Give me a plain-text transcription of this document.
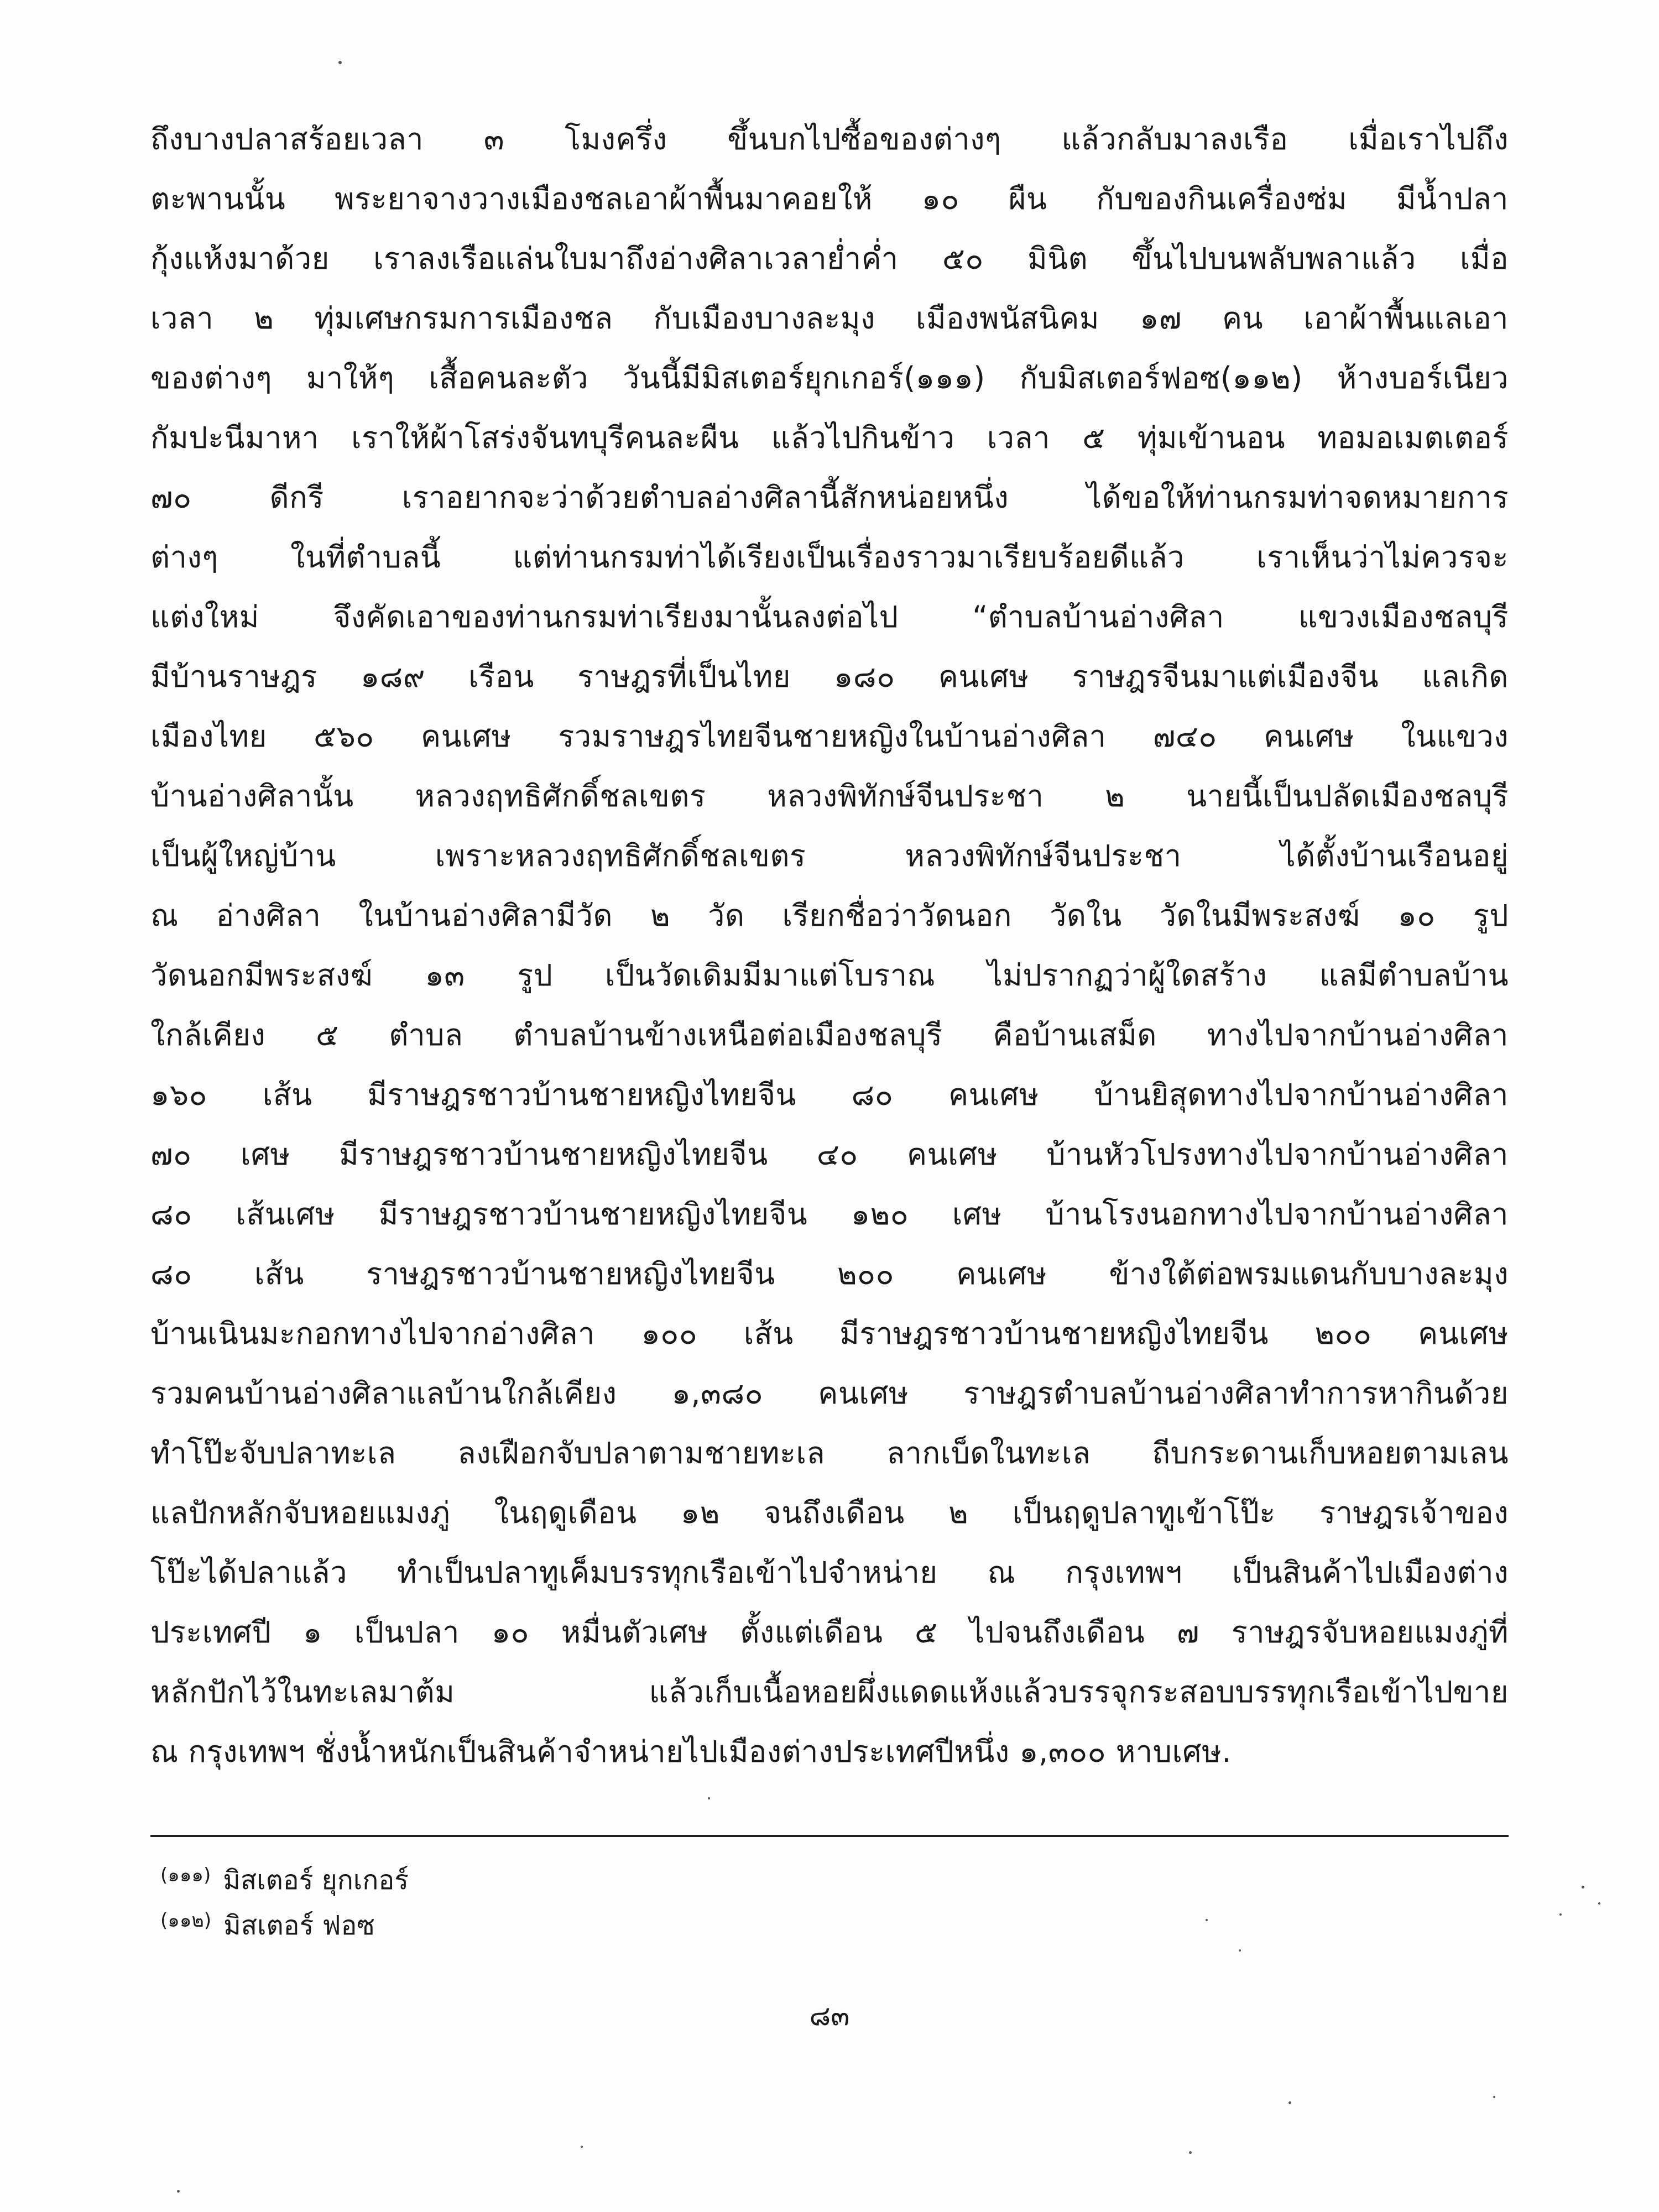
ถึงบางปลาสร้อยเวลา ๓ โมงครึ่ง ขึ้นบกไปซื้อของต่างๆ แล้วกลับมาลงเรือ เมื่อเราไปถึง
ตะพานนั้น พระยาจางวางเมืองชลเอาผ้าพื้นมาคอยให้ ๑๐ ผืน กับของกินเครื่องซ่ม มีน้ำปลา
กุ้งแห้งมาด้วย เราลงเรือแล่นใบมาถึงอ่างศิลาเวลาย่ำค่ำ ๕๐ มินิต ขึ้นไปบนพลับพลาแล้ว เมื่อ
เวลา ๒ ทุ่มเศษกรมการเมืองชล กับเมืองบางละมุง เมืองพนัสนิคม ๑๗ คน เอาผ้าพื้นแลเอา
ของต่างๆ มาให้ๆ เสื้อคนละตัว วันนี้มีมิสเตอร์ยุกเกอร์(๑๑๑) กับมิสเตอร์ฟอซ(๑๑๒) ห้างบอร์เนียว
กัมปะนีมาหา เราให้ผ้าโสร่งจันทบุรีคนละผืน แล้วไปกินข้าว เวลา ๕ ทุ่มเข้านอน ทอมอเมตเตอร์
๗๐ ดีกรี เราอยากจะว่าด้วยตำบลอ่างศิลานี้สักหน่อยหนึ่ง ได้ขอให้ท่านกรมท่าจดหมายการ
ต่างๆ ในที่ตำบลนี้ แต่ท่านกรมท่าได้เรียงเป็นเรื่องราวมาเรียบร้อยดีแล้ว เราเห็นว่าไม่ควรจะ
แต่งใหม่ จึงคัดเอาของท่านกรมท่าเรียงมานั้นลงต่อไป “ตำบลบ้านอ่างศิลา แขวงเมืองชลบุรี
มีบ้านราษฎร ๑๘๙ เรือน ราษฎรที่เป็นไทย ๑๘๐ คนเศษ ราษฎรจีนมาแต่เมืองจีน แลเกิด
เมืองไทย ๕๖๐ คนเศษ รวมราษฎรไทยจีนชายหญิงในบ้านอ่างศิลา ๗๔๐ คนเศษ ในแขวง
บ้านอ่างศิลานั้น หลวงฤทธิศักดิ์ชลเขตร หลวงพิทักษ์จีนประชา ๒ นายนี้เป็นปลัดเมืองชลบุรี
เป็นผู้ใหญ่บ้าน เพราะหลวงฤทธิศักดิ์ชลเขตร หลวงพิทักษ์จีนประชา ได้ตั้งบ้านเรือนอยู่
ณ อ่างศิลา ในบ้านอ่างศิลามีวัด ๒ วัด เรียกชื่อว่าวัดนอก วัดใน วัดในมีพระสงฆ์ ๑๐ รูป
วัดนอกมีพระสงฆ์ ๑๓ รูป เป็นวัดเดิมมีมาแต่โบราณ ไม่ปรากฏว่าผู้ใดสร้าง แลมีตำบลบ้าน
ใกล้เคียง ๕ ตำบล ตำบลบ้านข้างเหนือต่อเมืองชลบุรี คือบ้านเสม็ด ทางไปจากบ้านอ่างศิลา
๑๖๐ เส้น มีราษฎรชาวบ้านชายหญิงไทยจีน ๘๐ คนเศษ บ้านยิสุดทางไปจากบ้านอ่างศิลา
๗๐ เศษ มีราษฎรชาวบ้านชายหญิงไทยจีน ๔๐ คนเศษ บ้านหัวโปรงทางไปจากบ้านอ่างศิลา
๘๐ เส้นเศษ มีราษฎรชาวบ้านชายหญิงไทยจีน ๑๒๐ เศษ บ้านโรงนอกทางไปจากบ้านอ่างศิลา
๘๐ เส้น ราษฎรชาวบ้านชายหญิงไทยจีน ๒๐๐ คนเศษ ข้างใต้ต่อพรมแดนกับบางละมุง
บ้านเนินมะกอกทางไปจากอ่างศิลา ๑๐๐ เส้น มีราษฎรชาวบ้านชายหญิงไทยจีน ๒๐๐ คนเศษ
รวมคนบ้านอ่างศิลาแลบ้านใกล้เคียง ๑,๓๘๐ คนเศษ ราษฎรตำบลบ้านอ่างศิลาทำการหากินด้วย
ทำโป๊ะจับปลาทะเล ลงเฝือกจับปลาตามชายทะเล ลากเบ็ดในทะเล ถีบกระดานเก็บหอยตามเลน
แลปักหลักจับหอยแมงภู่ ในฤดูเดือน ๑๒ จนถึงเดือน ๒ เป็นฤดูปลาทูเข้าโป๊ะ ราษฎรเจ้าของ
โป๊ะได้ปลาแล้ว ทำเป็นปลาทูเค็มบรรทุกเรือเข้าไปจำหน่าย ณ กรุงเทพฯ เป็นสินค้าไปเมืองต่าง
ประเทศปี ๑ เป็นปลา ๑๐ หมื่นตัวเศษ ตั้งแต่เดือน ๕ ไปจนถึงเดือน ๗ ราษฎรจับหอยแมงภู่ที่
หลักปักไว้ในทะเลมาต้ม แล้วเก็บเนื้อหอยผึ่งแดดแห้งแล้วบรรจุกระสอบบรรทุกเรือเข้าไปขาย
ณ กรุงเทพฯ ชั่งน้ำหนักเป็นสินค้าจำหน่ายไปเมืองต่างประเทศปีหนึ่ง ๑,๓๐๐ หาบเศษ.
$^{(๑๑๑)}$ มิสเตอร์ ยุกเกอร์
$^{(๑๑๒)}$ มิสเตอร์ ฟอซ
๘๓
